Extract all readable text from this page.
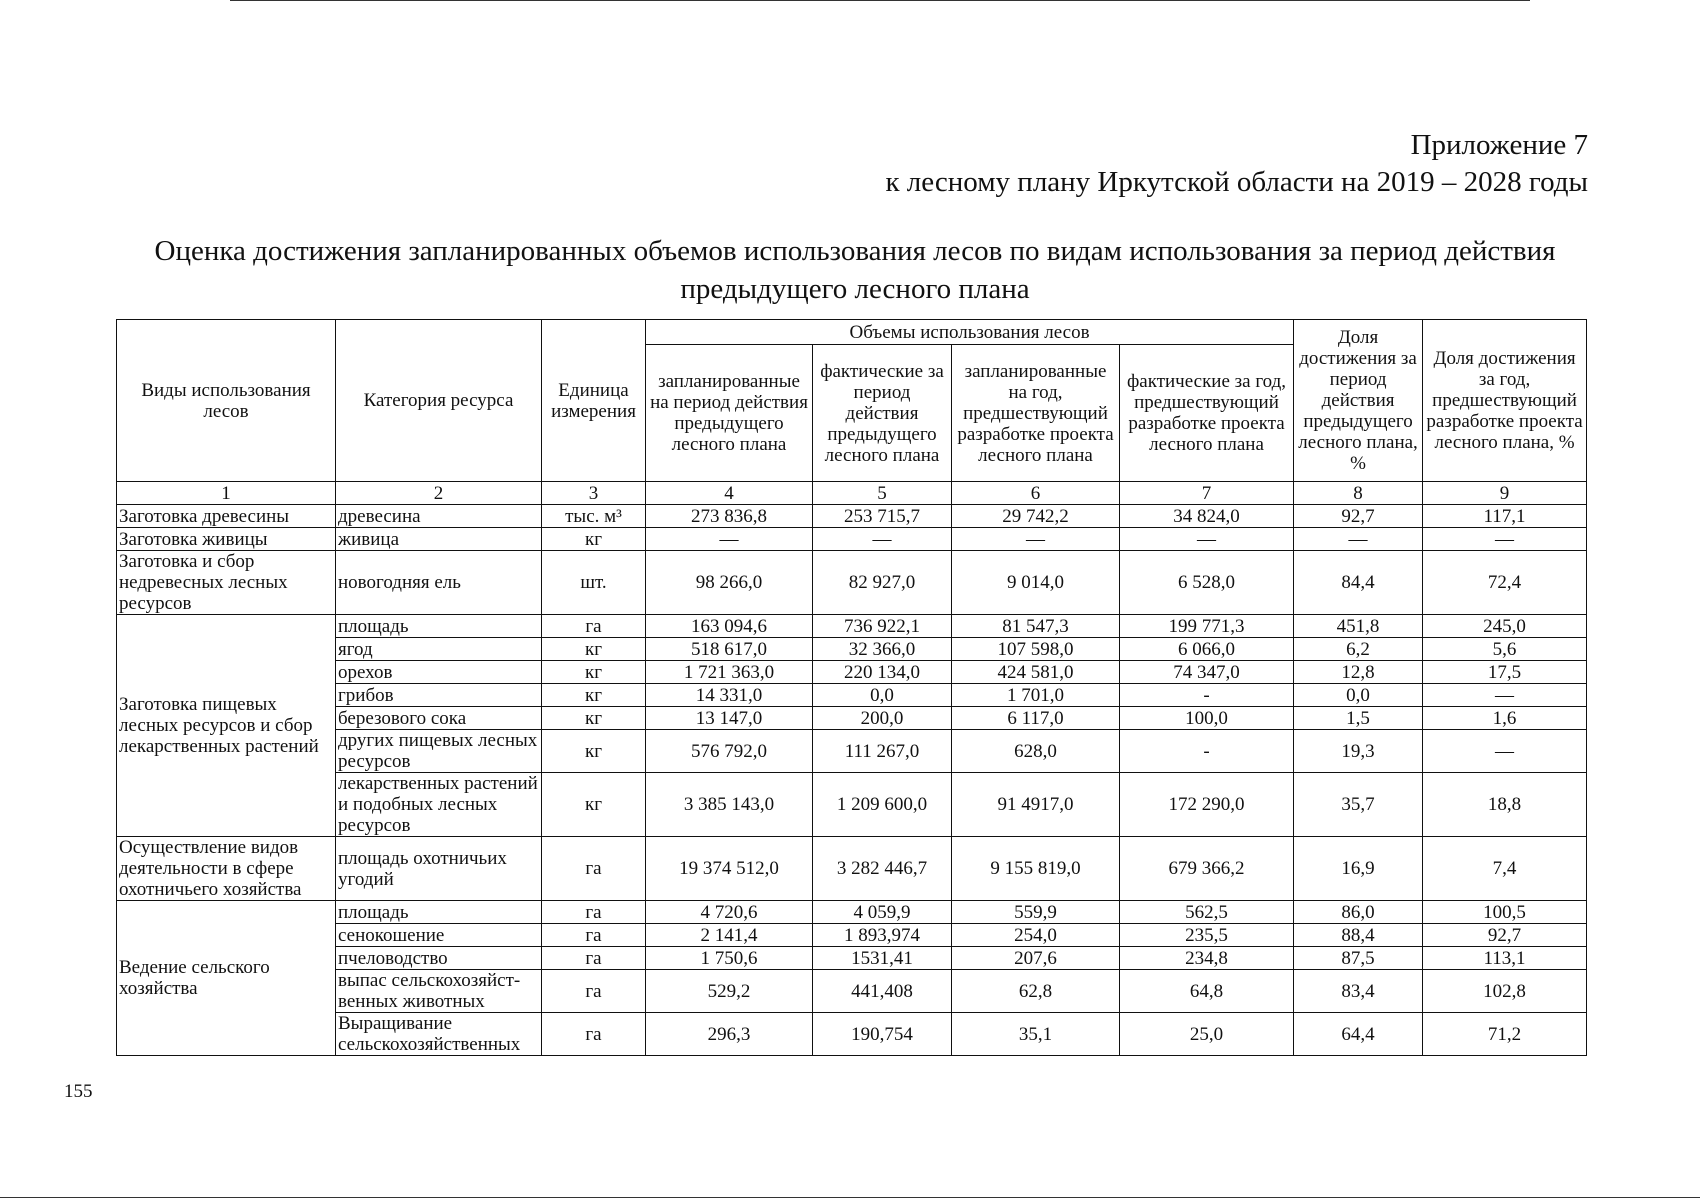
Приложение 7
к лесному плану Иркутской области на 2019 – 2028 годы
Оценка достижения запланированных объемов использования лесов по видам использования за период действия предыдущего лесного плана
Виды использования лесов	Категория ресурса	Единица измерения	Объемы использования лесов				Доля достижения за период действия предыдущего лесного плана, %	Доля достижения за год, предшествующий разработке проекта лесного плана, %
			запланированные на период действия предыдущего лесного плана	фактические за период действия предыдущего лесного плана	запланированные на год, предшествующий разработке проекта лесного плана	фактические за год, предшествующий разработке проекта лесного плана		
1	2	3	4	5	6	7	8	9
Заготовка древесины	древесина	тыс. м³	273 836,8	253 715,7	29 742,2	34 824,0	92,7	117,1
Заготовка живицы	живица	кг	—	—	—	—	—	—
Заготовка и сбор недревесных лесных ресурсов	новогодняя ель	шт.	98 266,0	82 927,0	9 014,0	6 528,0	84,4	72,4
Заготовка пищевых лесных ресурсов и сбор лекарственных растений	площадь	га	163 094,6	736 922,1	81 547,3	199 771,3	451,8	245,0
	ягод	кг	518 617,0	32 366,0	107 598,0	6 066,0	6,2	5,6
	орехов	кг	1 721 363,0	220 134,0	424 581,0	74 347,0	12,8	17,5
	грибов	кг	14 331,0	0,0	1 701,0	-	0,0	—
	березового сока	кг	13 147,0	200,0	6 117,0	100,0	1,5	1,6
	других пищевых лесных ресурсов	кг	576 792,0	111 267,0	628,0	-	19,3	—
	лекарственных растений и подобных лесных ресурсов	кг	3 385 143,0	1 209 600,0	91 4917,0	172 290,0	35,7	18,8
Осуществление видов деятельности в сфере охотничьего хозяйства	площадь охотничьих угодий	га	19 374 512,0	3 282 446,7	9 155 819,0	679 366,2	16,9	7,4
Ведение сельского хозяйства	площадь	га	4 720,6	4 059,9	559,9	562,5	86,0	100,5
	сенокошение	га	2 141,4	1 893,974	254,0	235,5	88,4	92,7
	пчеловодство	га	1 750,6	1531,41	207,6	234,8	87,5	113,1
	выпас сельскохозяйст-венных животных	га	529,2	441,408	62,8	64,8	83,4	102,8
	Выращивание сельскохозяйственных	га	296,3	190,754	35,1	25,0	64,4	71,2
155
